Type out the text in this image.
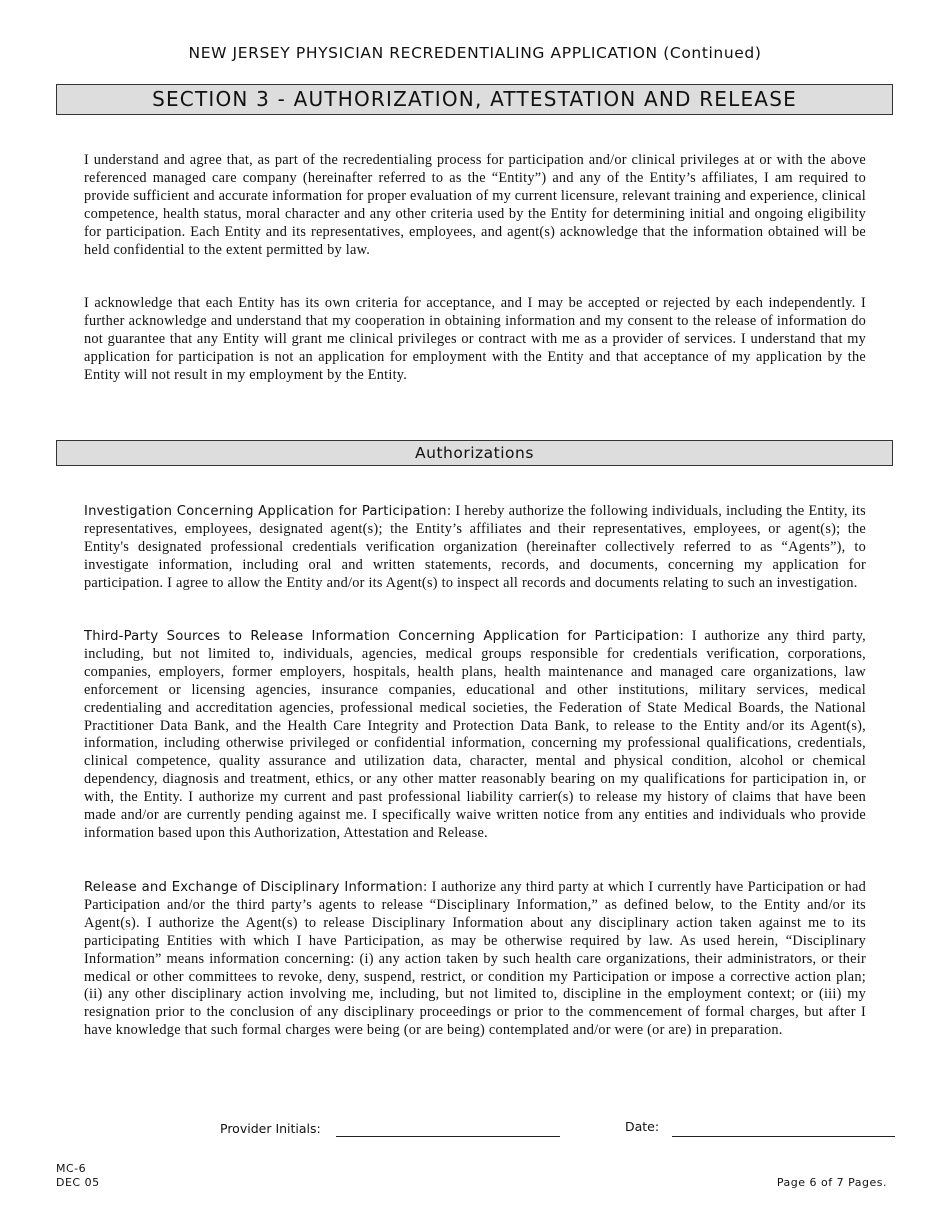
NEW JERSEY PHYSICIAN RECREDENTIALING APPLICATION (Continued)
SECTION 3 - AUTHORIZATION, ATTESTATION AND RELEASE

I understand and agree that, as part of the recredentialing process for participation and/or clinical privileges at or with the above referenced managed care company (hereinafter referred to as the “Entity”) and any of the Entity’s affiliates, I am required to provide sufficient and accurate information for proper evaluation of my current licensure, relevant training and experience, clinical competence, health status, moral character and any other criteria used by the Entity for determining initial and ongoing eligibility for participation. Each Entity and its representatives, employees, and agent(s) acknowledge that the information obtained will be held confidential to the extent permitted by law.

I acknowledge that each Entity has its own criteria for acceptance, and I may be accepted or rejected by each independently. I further acknowledge and understand that my cooperation in obtaining information and my consent to the release of information do not guarantee that any Entity will grant me clinical privileges or contract with me as a provider of services. I understand that my application for participation is not an application for employment with the Entity and that acceptance of my application by the Entity will not result in my employment by the Entity.

Authorizations

Investigation Concerning Application for Participation: I hereby authorize the following individuals, including the Entity, its representatives, employees, designated agent(s); the Entity’s affiliates and their representatives, employees, or agent(s); the Entity's designated professional credentials verification organization (hereinafter collectively referred to as “Agents”), to investigate information, including oral and written statements, records, and documents, concerning my application for participation. I agree to allow the Entity and/or its Agent(s) to inspect all records and documents relating to such an investigation.

Third-Party Sources to Release Information Concerning Application for Participation: I authorize any third party, including, but not limited to, individuals, agencies, medical groups responsible for credentials verification, corporations, companies, employers, former employers, hospitals, health plans, health maintenance and managed care organizations, law enforcement or licensing agencies, insurance companies, educational and other institutions, military services, medical credentialing and accreditation agencies, professional medical societies, the Federation of State Medical Boards, the National Practitioner Data Bank, and the Health Care Integrity and Protection Data Bank, to release to the Entity and/or its Agent(s), information, including otherwise privileged or confidential information, concerning my professional qualifications, credentials, clinical competence, quality assurance and utilization data, character, mental and physical condition, alcohol or chemical dependency, diagnosis and treatment, ethics, or any other matter reasonably bearing on my qualifications for participation in, or with, the Entity. I authorize my current and past professional liability carrier(s) to release my history of claims that have been made and/or are currently pending against me. I specifically waive written notice from any entities and individuals who provide information based upon this Authorization, Attestation and Release.

Release and Exchange of Disciplinary Information: I authorize any third party at which I currently have Participation or had Participation and/or the third party’s agents to release “Disciplinary Information,” as defined below, to the Entity and/or its Agent(s). I authorize the Agent(s) to release Disciplinary Information about any disciplinary action taken against me to its participating Entities with which I have Participation, as may be otherwise required by law. As used herein, “Disciplinary Information” means information concerning: (i) any action taken by such health care organizations, their administrators, or their medical or other committees to revoke, deny, suspend, restrict, or condition my Participation or impose a corrective action plan; (ii) any other disciplinary action involving me, including, but not limited to, discipline in the employment context; or (iii) my resignation prior to the conclusion of any disciplinary proceedings or prior to the commencement of formal charges, but after I have knowledge that such formal charges were being (or are being) contemplated and/or were (or are) in preparation.

Provider Initials:	Date:
MC-6
DEC 05	Page 6 of 7 Pages.
